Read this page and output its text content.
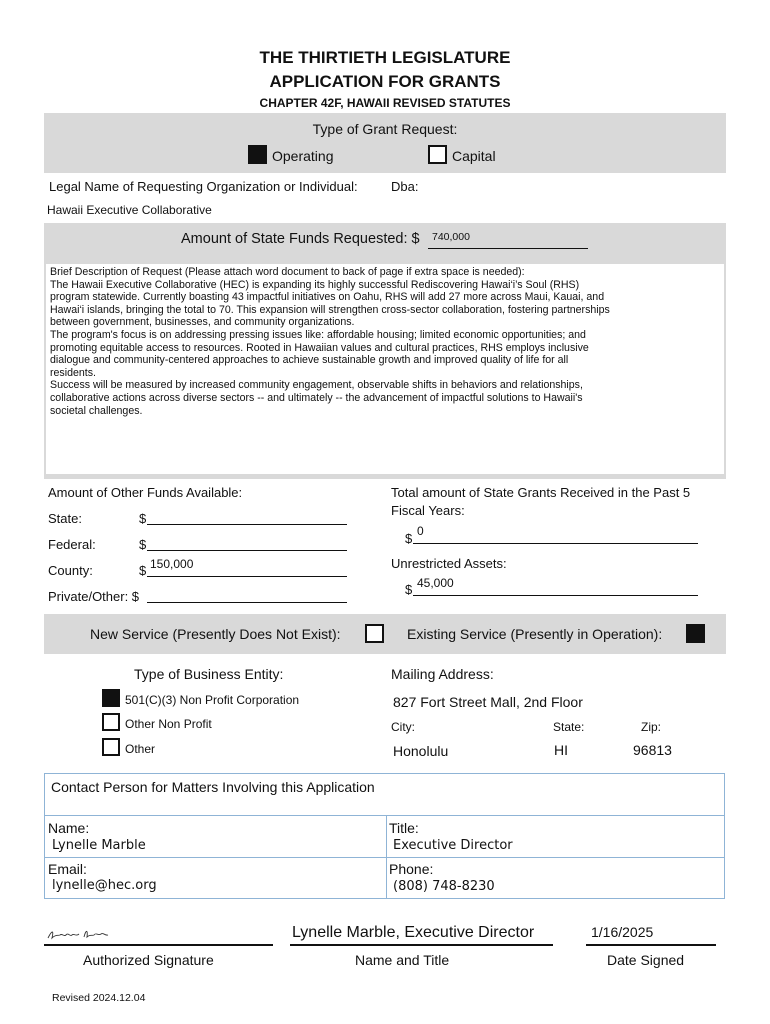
THE THIRTIETH LEGISLATURE
APPLICATION FOR GRANTS
CHAPTER 42F, HAWAII REVISED STATUTES
Type of Grant Request:
Operating	Capital
Legal Name of Requesting Organization or Individual:	Dba:
Hawaii Executive Collaborative
Amount of State Funds Requested: $ 740,000
Brief Description of Request (Please attach word document to back of page if extra space is needed):
The Hawaii Executive Collaborative (HEC) is expanding its highly successful Rediscovering Hawai‘i’s Soul (RHS)
program statewide. Currently boasting 43 impactful initiatives on Oahu, RHS will add 27 more across Maui, Kauai, and
Hawai‘i islands, bringing the total to 70. This expansion will strengthen cross-sector collaboration, fostering partnerships
between government, businesses, and community organizations.
The program's focus is on addressing pressing issues like: affordable housing; limited economic opportunities; and
promoting equitable access to resources. Rooted in Hawaiian values and cultural practices, RHS employs inclusive
dialogue and community-centered approaches to achieve sustainable growth and improved quality of life for all
residents.
Success will be measured by increased community engagement, observable shifts in behaviors and relationships,
collaborative actions across diverse sectors -- and ultimately -- the advancement of impactful solutions to Hawaii's
societal challenges.
Amount of Other Funds Available:
State:	$
Federal:	$
County:	$ 150,000
Private/Other: $
Total amount of State Grants Received in the Past 5
Fiscal Years:
$ 0
Unrestricted Assets:
$ 45,000
New Service (Presently Does Not Exist):	Existing Service (Presently in Operation):
Type of Business Entity:
501(C)(3) Non Profit Corporation
Other Non Profit
Other
Mailing Address:
827 Fort Street Mall, 2nd Floor
City:	State:	Zip:
Honolulu	HI	96813
Contact Person for Matters Involving this Application
Name:
Lynelle Marble
Title:
Executive Director
Email:
lynelle@hec.org
Phone:
(808) 748-8230
Authorized Signature
Lynelle Marble, Executive Director
Name and Title
1/16/2025
Date Signed
Revised 2024.12.04
